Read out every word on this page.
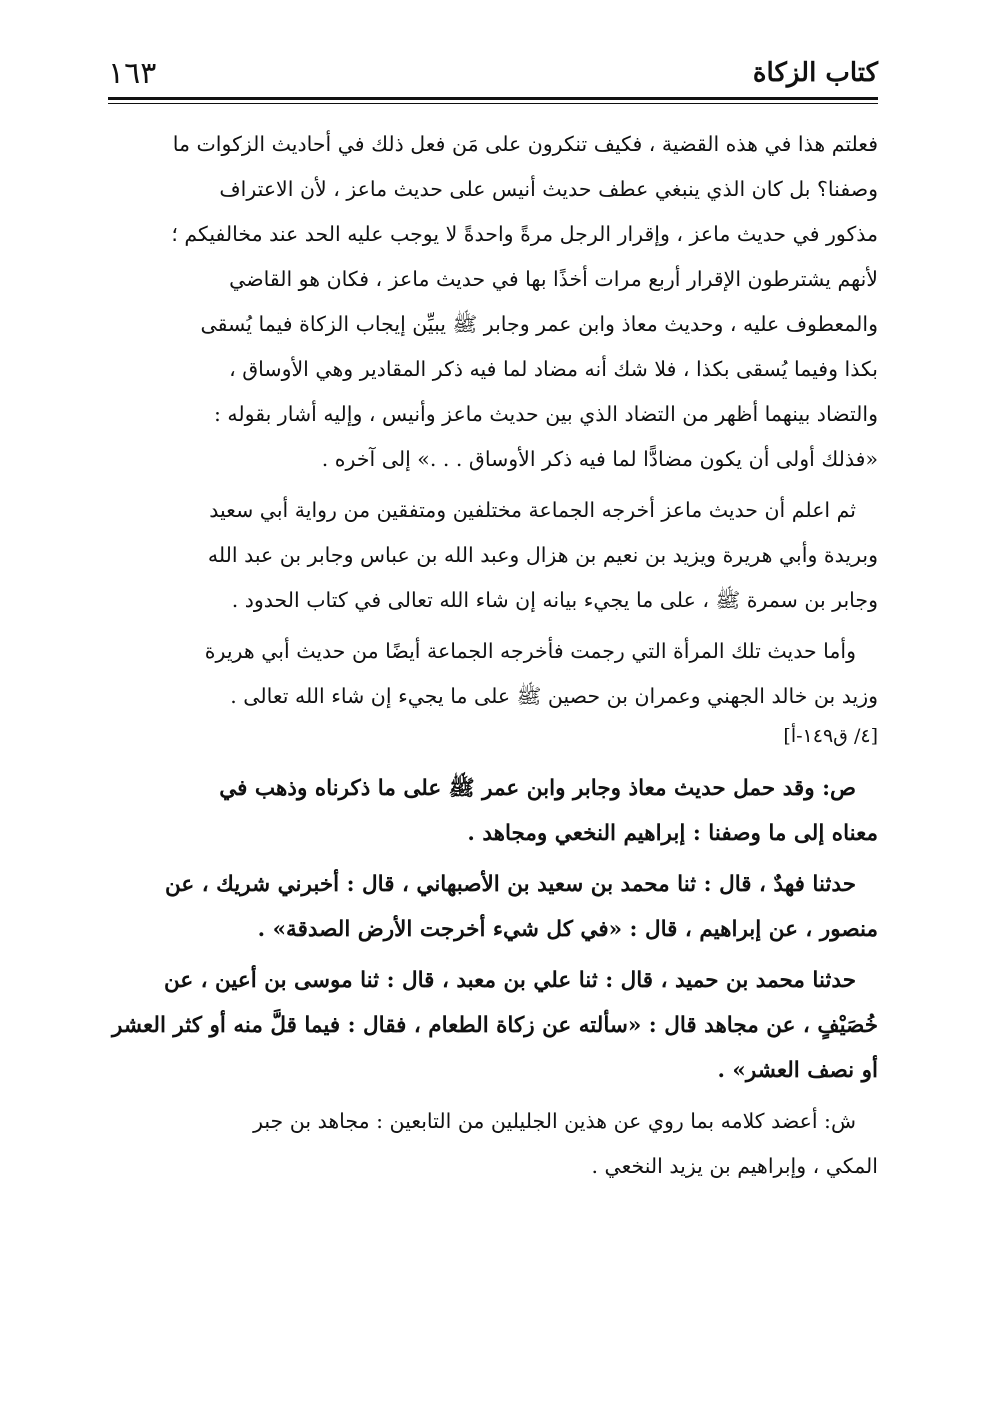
١٦٣	كتاب الزكاة
فعلتم هذا في هذه القضية ، فكيف تنكرون على مَن فعل ذلك في أحاديث الزكوات ما
وصفنا؟ بل كان الذي ينبغي عطف حديث أنيس على حديث ماعز ، لأن الاعتراف
مذكور في حديث ماعز ، وإقرار الرجل مرةً واحدةً لا يوجب عليه الحد عند مخالفيكم ؛
لأنهم يشترطون الإقرار أربع مرات أخذًا بها في حديث ماعز ، فكان هو القاضي
والمعطوف عليه ، وحديث معاذ وابن عمر وجابر ﷺ يبيِّن إيجاب الزكاة فيما يُسقى
بكذا وفيما يُسقى بكذا ، فلا شك أنه مضاد لما فيه ذكر المقادير وهي الأوساق ،
والتضاد بينهما أظهر من التضاد الذي بين حديث ماعز وأنيس ، وإليه أشار بقوله :
«فذلك أولى أن يكون مضادًّا لما فيه ذكر الأوساق . . .» إلى آخره .
ثم اعلم أن حديث ماعز أخرجه الجماعة مختلفين ومتفقين من رواية أبي سعيد
وبريدة وأبي هريرة ويزيد بن نعيم بن هزال وعبد الله بن عباس وجابر بن عبد الله
وجابر بن سمرة ﷺ ، على ما يجيء بيانه إن شاء الله تعالى في كتاب الحدود .
وأما حديث تلك المرأة التي رجمت فأخرجه الجماعة أيضًا من حديث أبي هريرة
وزيد بن خالد الجهني وعمران بن حصين ﷺ على ما يجيء إن شاء الله تعالى .
[٤/ ق١٤٩-أ]
ص: وقد حمل حديث معاذ وجابر وابن عمر ﷺ على ما ذكرناه وذهب في
معناه إلى ما وصفنا : إبراهيم النخعي ومجاهد .
حدثنا فهدٌ ، قال : ثنا محمد بن سعيد بن الأصبهاني ، قال : أخبرني شريك ، عن
منصور ، عن إبراهيم ، قال : «في كل شيء أخرجت الأرض الصدقة» .
حدثنا محمد بن حميد ، قال : ثنا علي بن معبد ، قال : ثنا موسى بن أعين ، عن
خُصَيْفٍ ، عن مجاهد قال : «سألته عن زكاة الطعام ، فقال : فيما قلَّ منه أو كثر العشر
أو نصف العشر» .
ش: أعضد كلامه بما روي عن هذين الجليلين من التابعين : مجاهد بن جبر
المكي ، وإبراهيم بن يزيد النخعي .
